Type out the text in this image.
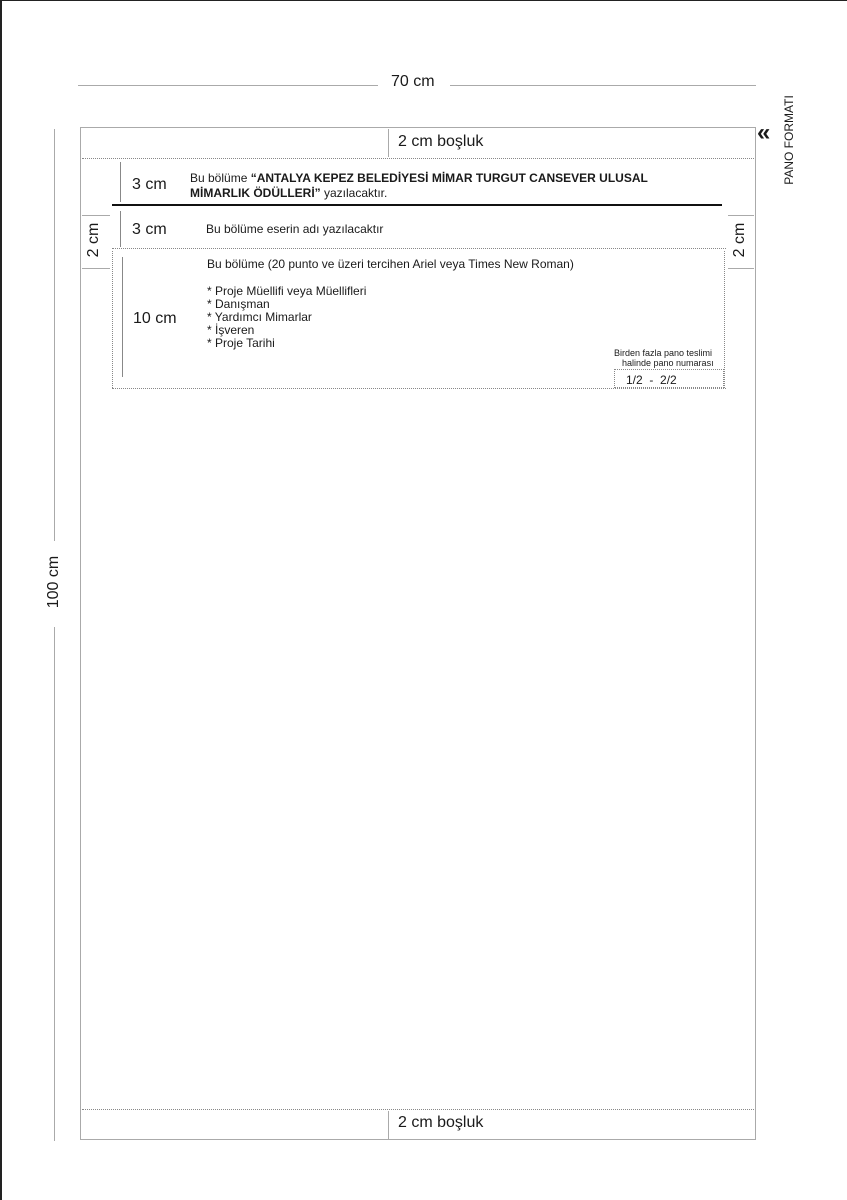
70 cm
100 cm
« PANO FORMATI
2 cm boşluk
3 cm Bu bölüme “ANTALYA KEPEZ BELEDİYESİ MİMAR TURGUT CANSEVER ULUSAL
MİMARLIK ÖDÜLLERİ” yazılacaktır.
3 cm	Bu bölüme eserin adı yazılacaktır
2 cm	2 cm
10 cm
Bu bölüme (20 punto ve üzeri tercihen Ariel veya Times New Roman)
* Proje Müellifi veya Müellifleri
* Danışman
* Yardımcı Mimarlar
* İşveren
* Proje Tarihi
Birden fazla pano teslimi
halinde pano numarası
1/2  -  2/2
2 cm boşluk
